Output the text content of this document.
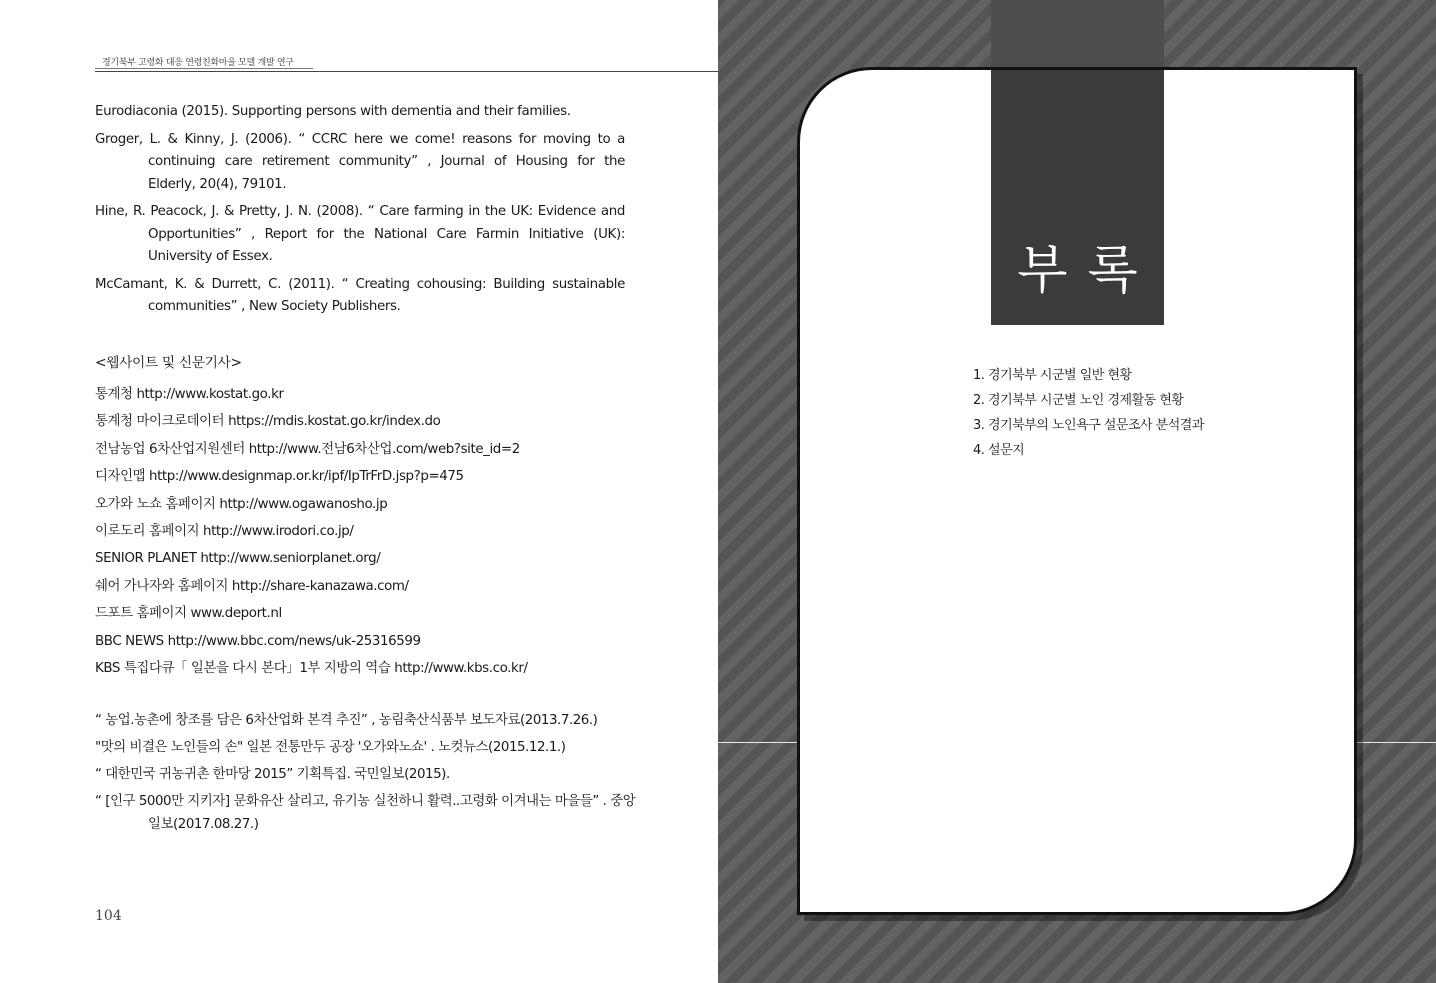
경기북부 고령화 대응 연령친화마을 모델 개발 연구

Eurodiaconia (2015). Supporting persons with dementia and their families.

Groger, L. & Kinny, J. (2006). “ CCRC here we come! reasons for moving to a continuing care retirement community” , Journal of Housing for the Elderly, 20(4), 79101.

Hine, R. Peacock, J. & Pretty, J. N. (2008). “ Care farming in the UK: Evidence and Opportunities” , Report for the National Care Farmin Initiative (UK): University of Essex.

McCamant, K. & Durrett, C. (2011). “ Creating cohousing: Building sustainable communities” , New Society Publishers.

<웹사이트 및 신문기사>
통계청 http://www.kostat.go.kr
통계청 마이크로데이터 https://mdis.kostat.go.kr/index.do
전남농업 6차산업지원센터 http://www.전남6차산업.com/web?site_id=2
디자인맵 http://www.designmap.or.kr/ipf/IpTrFrD.jsp?p=475
오가와 노쇼 홈페이지 http://www.ogawanosho.jp
이로도리 홈페이지 http://www.irodori.co.jp/
SENIOR PLANET http://www.seniorplanet.org/
쉐어 가나자와 홈페이지 http://share-kanazawa.com/
드포트 홈페이지 www.deport.nl
BBC NEWS http://www.bbc.com/news/uk-25316599
KBS 특집다큐「 일본을 다시 본다」1부 지방의 역습 http://www.kbs.co.kr/

“ 농업.농촌에 창조를 담은 6차산업화 본격 추진” , 농림축산식품부 보도자료(2013.7.26.)

"맛의 비결은 노인들의 손" 일본 전통만두 공장 '오가와노쇼' . 노컷뉴스(2015.12.1.)

“ 대한민국 귀농귀촌 한마당 2015” 기획특집. 국민일보(2015).

“ [인구 5000만 지키자] 문화유산 살리고, 유기농 실천하니 활력..고령화 이겨내는 마을들” . 중앙일보(2017.08.27.)

104
부록
1. 경기북부 시군별 일반 현황
2. 경기북부 시군별 노인 경제활동 현황
3. 경기북부의 노인욕구 설문조사 분석결과
4. 설문지
